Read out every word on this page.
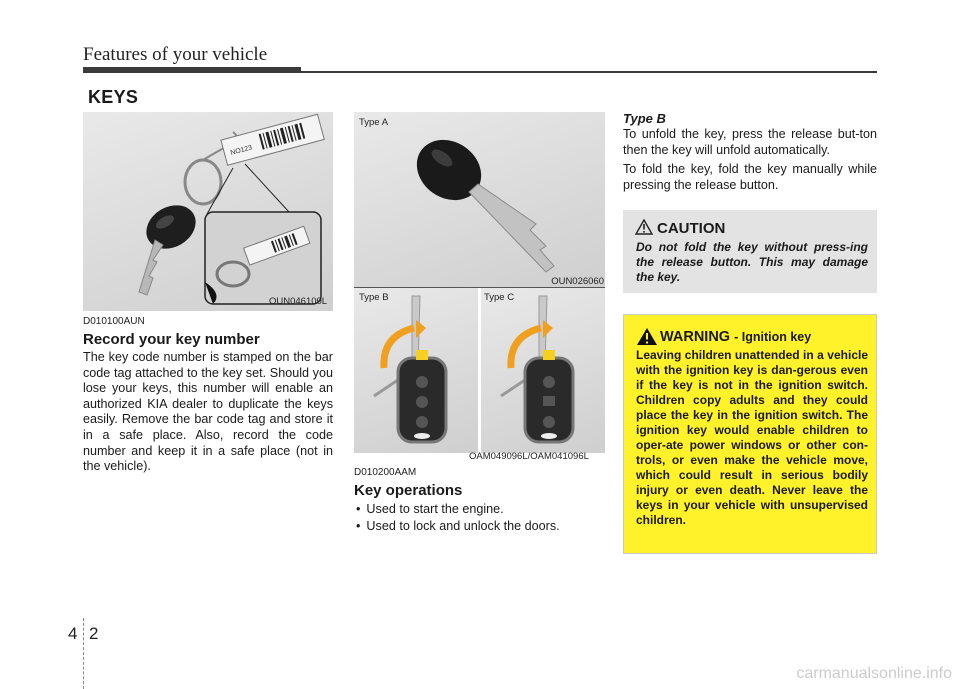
Features of your vehicle
KEYS
NO123
OUN046100L
D010100AUN
Record your key number

The key code number is stamped on the bar code tag attached to the key set. Should you lose your keys, this number will enable an authorized KIA dealer to duplicate the keys easily. Remove the bar code tag and store it in a safe place. Also, record the code number and keep it in a safe place (not in the vehicle).

Type A
OUN026060
Type B	Type C
OAM049096L/OAM041096L
D010200AAM
Key operations
• Used to start the engine.
• Used to lock and unlock the doors.
Type B

To unfold the key, press the release but-ton then the key will unfold automatically.

To fold the key, fold the key manually while pressing the release button.

CAUTION

Do not fold the key without press-ing the release button. This may damage the key.

WARNING - Ignition key

Leaving children unattended in a vehicle with the ignition key is dan-gerous even if the key is not in the ignition switch. Children copy adults and they could place the key in the ignition switch. The ignition key would enable children to oper-ate power windows or other con-trols, or even make the vehicle move, which could result in serious bodily injury or even death. Never leave the keys in your vehicle with unsupervised children.

4 2
carmanualsonline.info
